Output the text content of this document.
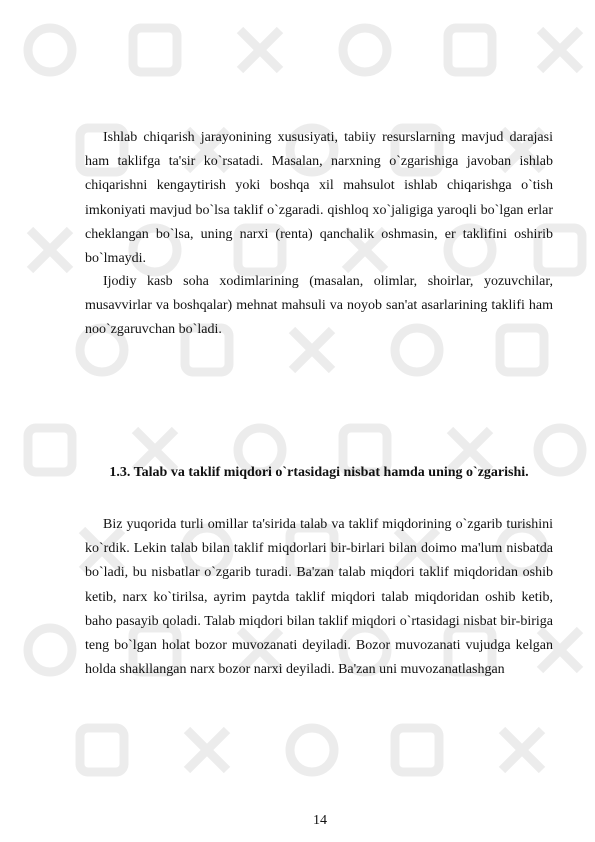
Ishlab chiqarish jarayonining xususiyati, tabiiy resurslarning mavjud darajasi ham taklifga ta'sir ko`rsatadi. Masalan, narxning o`zgarishiga javoban ishlab chiqarishni kengaytirish yoki boshqa xil mahsulot ishlab chiqarishga o`tish imkoniyati mavjud bo`lsa taklif o`zgaradi. qishloq xo`jaligiga yaroqli bo`lgan erlar cheklangan bo`lsa, uning narxi (renta) qanchalik oshmasin, er taklifini oshirib bo`lmaydi.

Ijodiy kasb soha xodimlarining (masalan, olimlar, shoirlar, yozuvchilar, musavvirlar va boshqalar) mehnat mahsuli va noyob san'at asarlarining taklifi ham noo`zgaruvchan bo`ladi.

1.3. Talab va taklif miqdori o`rtasidagi nisbat hamda uning o`zgarishi.

Biz yuqorida turli omillar ta'sirida talab va taklif miqdorining o`zgarib turishini ko`rdik. Lekin talab bilan taklif miqdorlari bir-birlari bilan doimo ma'lum nisbatda bo`ladi, bu nisbatlar o`zgarib turadi. Ba'zan talab miqdori taklif miqdoridan oshib ketib, narx ko`tirilsa, ayrim paytda taklif miqdori talab miqdoridan oshib ketib, baho pasayib qoladi. Talab miqdori bilan taklif miqdori o`rtasidagi nisbat bir-biriga teng bo`lgan holat bozor muvozanati deyiladi. Bozor muvozanati vujudga kelgan holda shakllangan narx bozor narxi deyiladi. Ba'zan uni muvozanatlashgan

14
